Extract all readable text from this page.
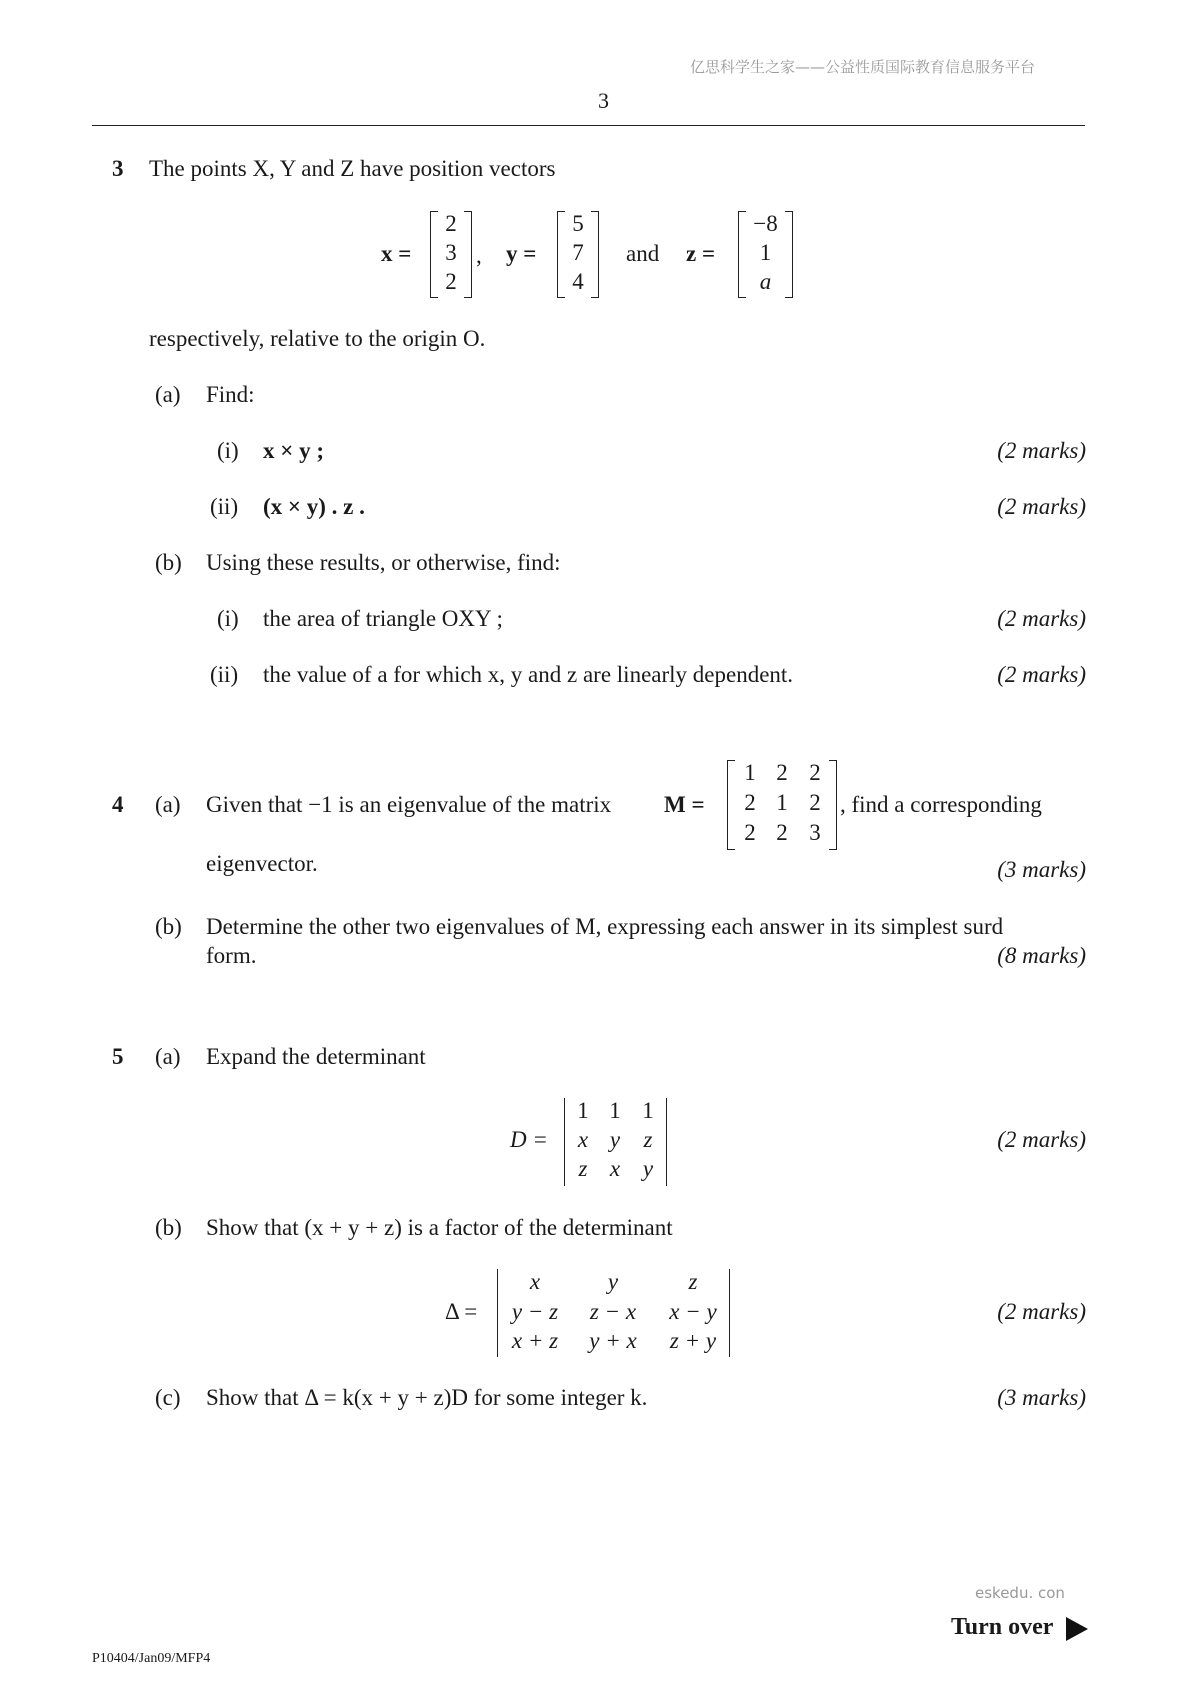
亿思科学生之家——公益性质国际教育信息服务平台
3
3 The points X, Y and Z have position vectors
x =
2
3
2
, y =
5
7
4
and z =
−8
1
a
respectively, relative to the origin O.
(a) Find:
(i) x × y ;	(2 marks)
(ii) (x × y) . z .	(2 marks)
(b) Using these results, or otherwise, find:
(i) the area of triangle OXY ;	(2 marks)
(ii) the value of a for which x, y and z are linearly dependent.	(2 marks)
4 (a) Given that −1 is an eigenvalue of the matrix M =
1 2 2
2 1 2
2 2 3
, find a corresponding
eigenvector.	(3 marks)
(b) Determine the other two eigenvalues of M, expressing each answer in its simplest surd
form.	(8 marks)
5 (a) Expand the determinant
D =
1 1 1
x y	z
z x y
(2 marks)
(b) Show that (x + y + z) is a factor of the determinant
Δ =
x	y	z
y − z	z − x	x − y
x + z	y + x	z + y
(2 marks)
(c) Show that Δ = k(x + y + z)D for some integer k.	(3 marks)
eskedu. con
Turn over
P10404/Jan09/MFP4
